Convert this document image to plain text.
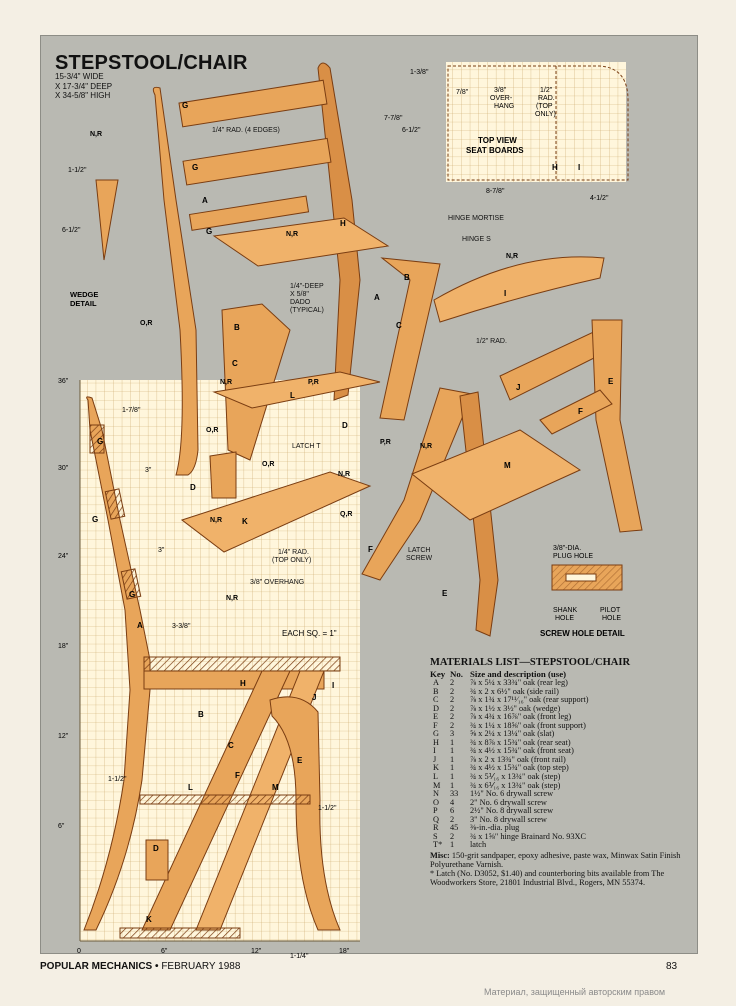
STEPSTOOL/CHAIR
15-3/4" WIDE
X 17-3/4" DEEP
X 34-5/8" HIGH
36"
30"
24"
18"
12"
6"
0	6"	12"	18"
EACH SQ. = 1"
1-7/8"
3"
3"
3-3/8"
1-1/2"
1-1/2"
1-1/4"
G
G
G
A
H	I
J
B
C
F
E
L	M
D
K
1-1/2"
6-1/2"
WEDGE DETAIL
TOP VIEW SEAT BOARDS
1-3/8"
7-7/8"
6-1/2"
7/8"	3/8" OVER-HANG
1/2" RAD. (TOP ONLY)
8-7/8"
4-1/2"
H	I
3/8"-DIA. PLUG HOLE
SHANK HOLE
PILOT HOLE
SCREW HOLE DETAIL
1/4" RAD. (4 EDGES)
1/4"-DEEP X 5/8" DADO (TYPICAL)
HINGE MORTISE
HINGE S
LATCH T
1/4" RAD. (TOP ONLY)
3/8" OVERHANG
1/2" RAD.
LATCH SCREW
G
G
A
G
H
A
B
C
L
D
K
B
C
D
I
J
E
F
M
F
E
N,R
N,R
O,R
N,R	P,R
O,R
O,R
N,R
N,R
N,R
P,R
N,R
Q,R
N,R
MATERIALS LIST—STEPSTOOL/CHAIR
Key No. Size and description (use)
A	2	⅞ x 5¼ x 33¾" oak (rear leg)
B	2	¾ x 2 x 6½" oak (side rail)
C	2	⅞ x 1¾ x 17¹¹⁄₁₆" oak (rear support)
D	2	⅞ x 1½ x 3½" oak (wedge)
E	2	⅞ x 4¾ x 16⅞" oak (front leg)
F	2	¾ x 1¼ x 18⅝" oak (front support)
G	3	⅝ x 2¼ x 13¼" oak (slat)
H	1	¾ x 8⅞ x 15¾" oak (rear seat)
I	1	¾ x 4½ x 15¾" oak (front seat)
J	1	⅞ x 2 x 13¾" oak (front rail)
K	1	¾ x 4½ x 15¾" oak (top step)
L	1	¾ x 5⅟₁₆ x 13¾" oak (step)
M	1	¾ x 6⅟₁₆ x 13¾" oak (step)
N	33	1½" No. 6 drywall screw
O	4	2" No. 6 drywall screw
P	6	2½" No. 8 drywall screw
Q	2	3" No. 8 drywall screw
R	45	⅜-in.-dia. plug
S	2	¾ x 1⅝" hinge Brainard No. 93XC
T* 1	latch
Misc: 150-grit sandpaper, epoxy adhesive, paste wax, Minwax Satin Finish Polyurethane Varnish.
* Latch (No. D3052, $1.40) and counterboring bits available from The Woodworkers Store, 21801 Industrial Blvd., Rogers, MN 55374.
POPULAR MECHANICS • FEBRUARY 1988	83
Материал, защищенный авторским правом
